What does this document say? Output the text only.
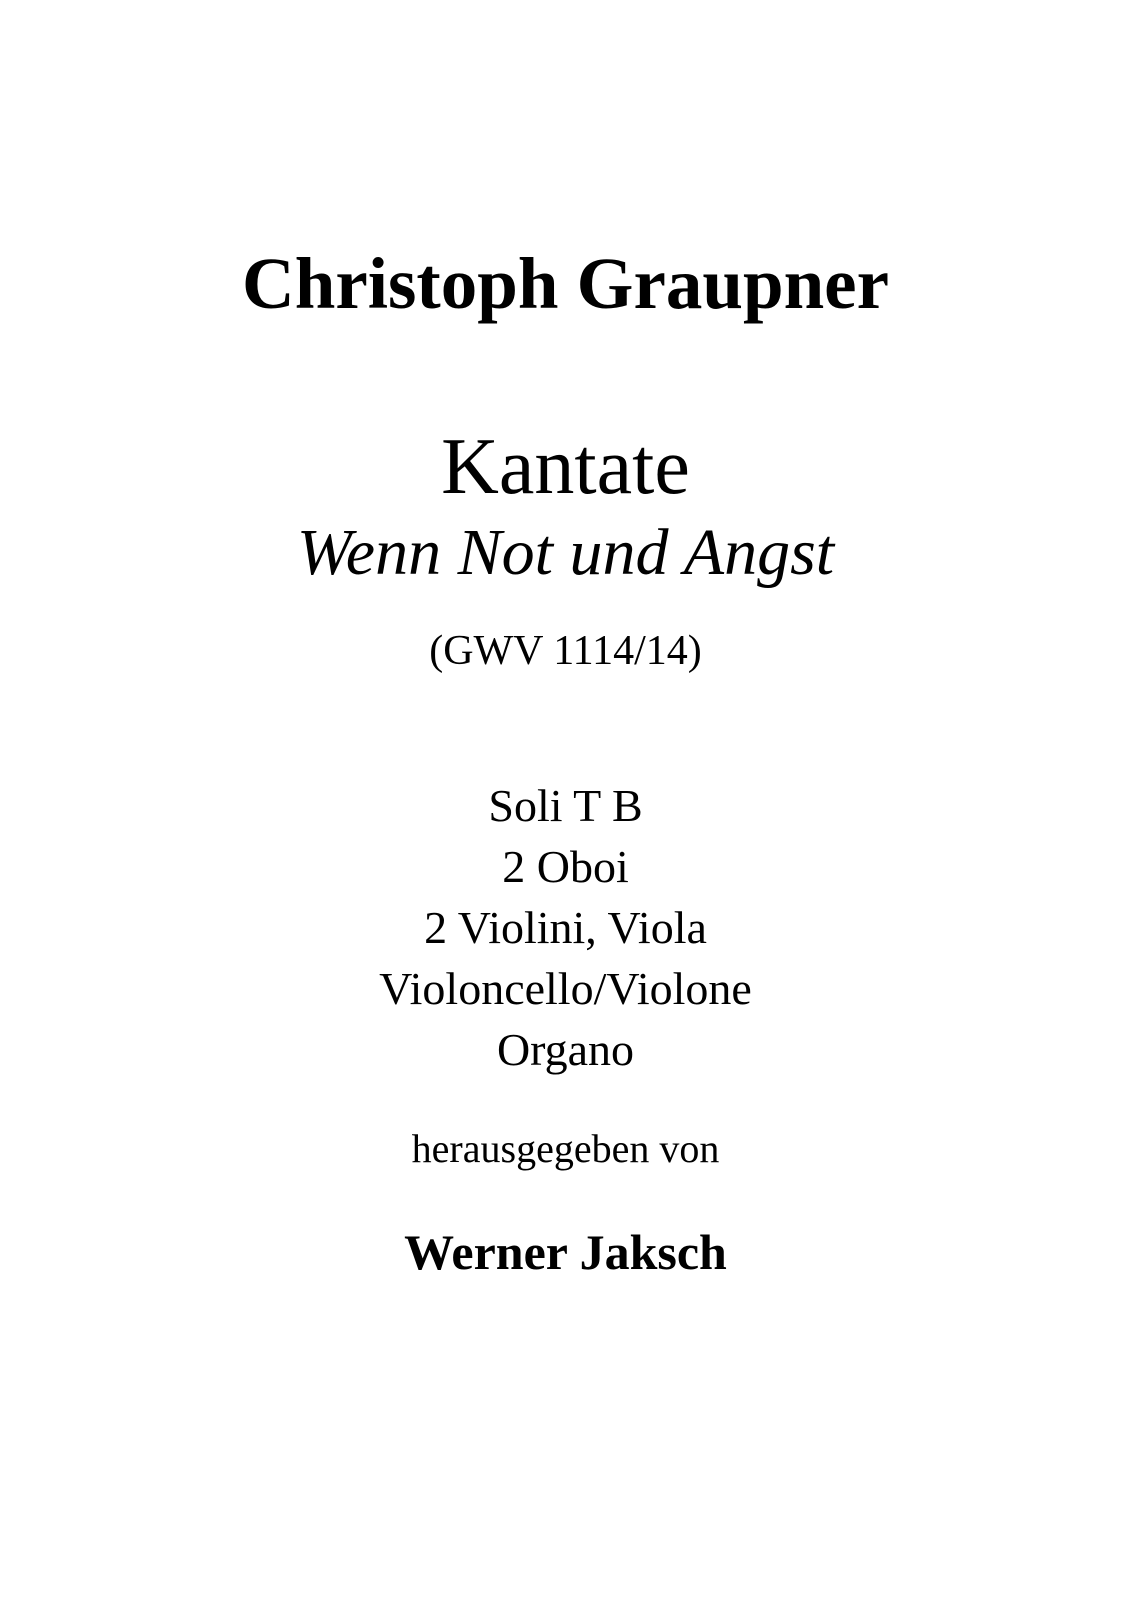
Christoph Graupner
Kantate
Wenn Not und Angst
(GWV 1114/14)
Soli T B
2 Oboi
2 Violini, Viola
Violoncello/Violone
Organo
herausgegeben von
Werner Jaksch
